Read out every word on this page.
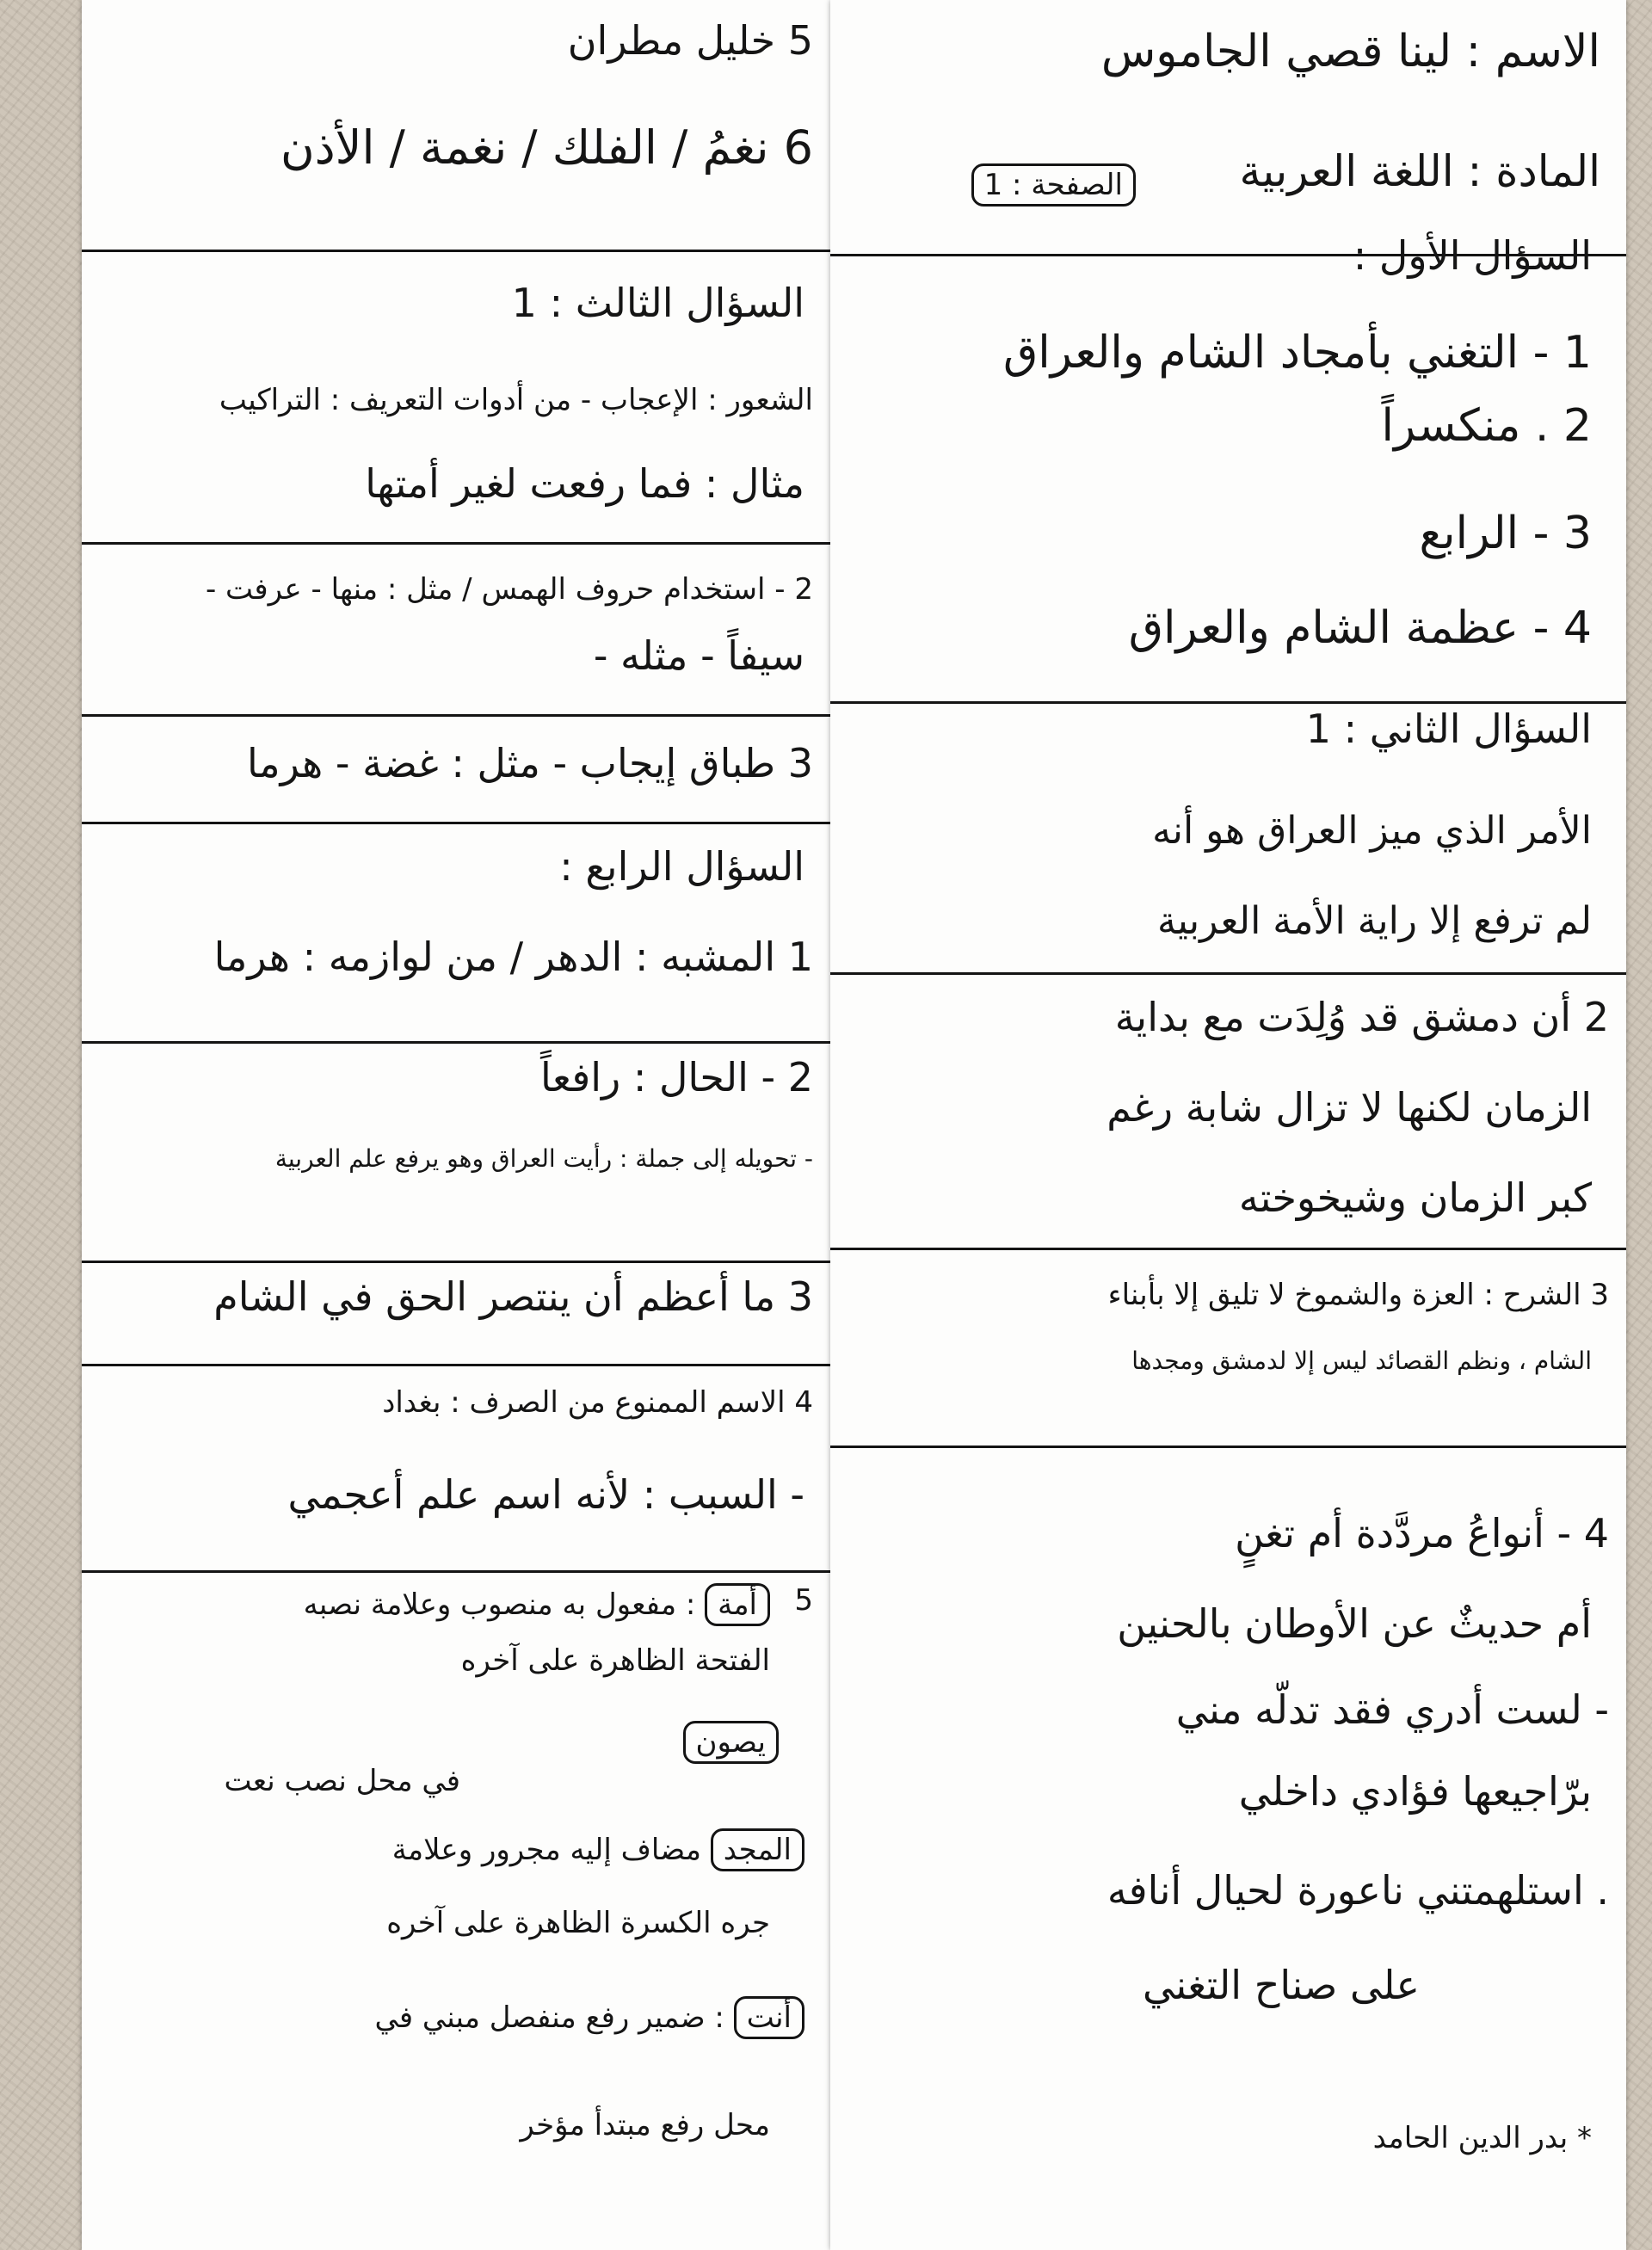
5 خليل مطران
6 نغمُ / الفلك / نغمة / الأذن
السؤال الثالث : 1
الشعور : الإعجاب - من أدوات التعريف : التراكيب
مثال : فما رفعت لغير أمتها
2 - استخدام حروف الهمس / مثل : منها - عرفت -
سيفاً - مثله -
3 طباق إيجاب - مثل : غضة - هرما
السؤال الرابع :
1 المشبه : الدهر / من لوازمه : هرما
2 - الحال : رافعاً
- تحويله إلى جملة : رأيت العراق وهو يرفع علم العربية
3 ما أعظم أن ينتصر الحق في الشام
4 الاسم الممنوع من الصرف : بغداد
- السبب : لأنه اسم علم أعجمي
5
أمة : مفعول به منصوب وعلامة نصبه
الفتحة الظاهرة على آخره
يصون
في محل نصب نعت
المجد مضاف إليه مجرور وعلامة
جره الكسرة الظاهرة على آخره
أنت : ضمير رفع منفصل مبني في
محل رفع مبتدأ مؤخر
الاسم : لينا قصي الجاموس
المادة : اللغة العربية
الصفحة : 1
السؤال الأول :
1 - التغني بأمجاد الشام والعراق
2 . منكسراً
3 - الرابع
4 - عظمة الشام والعراق
السؤال الثاني : 1
الأمر الذي ميز العراق هو أنه
لم ترفع إلا راية الأمة العربية
2 أن دمشق قد وُلِدَت مع بداية
الزمان لكنها لا تزال شابة رغم
كبر الزمان وشيخوخته
3 الشرح : العزة والشموخ لا تليق إلا بأبناء
الشام ، ونظم القصائد ليس إلا لدمشق ومجدها
4 - أنواعُ مردَّدة أم تغنٍ
أم حديثٌ عن الأوطان بالحنين
- لست أدري فقد تدلّه مني
برّاجيعها فؤادي داخلي
. استلهمتني ناعورة لحيال أنافه
على صناح التغني
* بدر الدين الحامد
